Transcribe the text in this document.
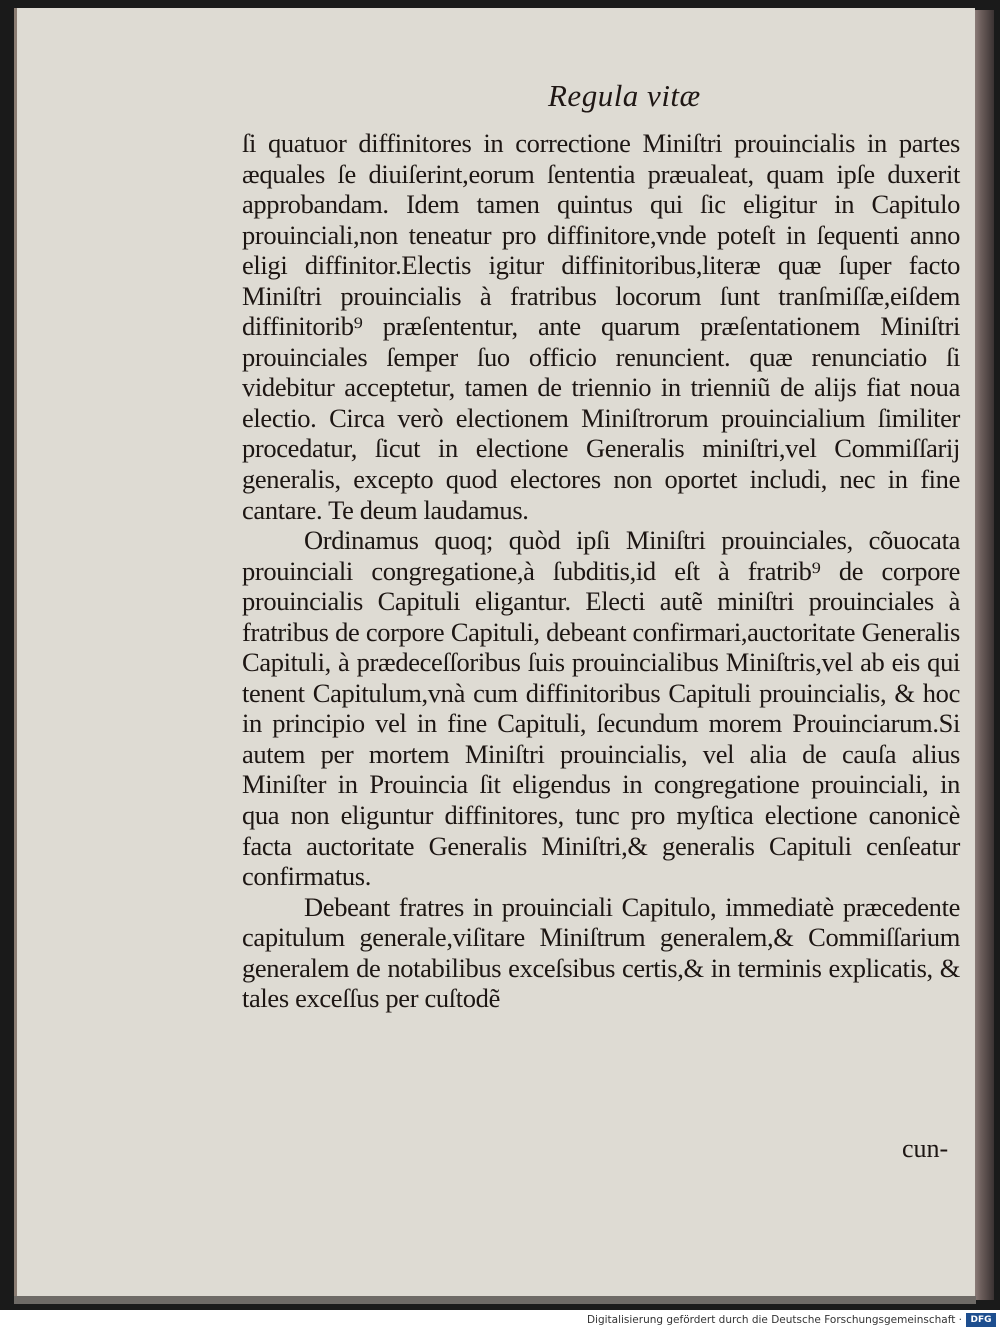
Regula vitæ

ſi quatuor diffinitores in correctione Miniſtri prouincialis in partes æquales ſe diuiſerint,eorum ſententia præualeat, quam ipſe duxerit approbandam. Idem tamen quintus qui ſic eligitur in Capitulo prouinciali,non teneatur pro diffinitore,vnde poteſt in ſequenti anno eligi diffinitor.Electis igitur diffinitoribus,literæ quæ ſuper facto Miniſtri prouincialis à fratribus locorum ſunt tranſmiſſæ,eiſdem diffinitorib⁹ præſententur, ante quarum præſentationem Miniſtri prouinciales ſemper ſuo officio renuncient. quæ renunciatio ſi videbitur acceptetur, tamen de triennio in trienniũ de alijs fiat noua electio. Circa verò electionem Miniſtrorum prouincialium ſimiliter procedatur, ſicut in electione Generalis miniſtri,vel Commiſſarij generalis, excepto quod electores non oportet includi, nec in fine cantare. Te deum laudamus.

Ordinamus quoq; quòd ipſi Miniſtri prouinciales, cõuocata prouinciali congregatione,à ſubditis,id eſt à fratrib⁹ de corpore prouincialis Capituli eligantur. Electi autẽ miniſtri prouinciales à fratribus de corpore Capituli, debeant confirmari,auctoritate Generalis Capituli, à prædeceſſoribus ſuis prouincialibus Miniſtris,vel ab eis qui tenent Capitulum,vnà cum diffinitoribus Capituli prouincialis, & hoc in principio vel in fine Capituli, ſecundum morem Prouinciarum.Si autem per mortem Miniſtri prouincialis, vel alia de cauſa alius Miniſter in Prouincia ſit eligendus in congregatione prouinciali, in qua non eliguntur diffinitores, tunc pro myſtica electione canonicè facta auctoritate Generalis Miniſtri,& generalis Capituli cenſeatur confirmatus.

Debeant fratres in prouinciali Capitulo, immediatè præcedente capitulum generale,viſitare Miniſtrum generalem,& Commiſſarium generalem de notabilibus exceſsibus certis,& in terminis explicatis, & tales exceſſus per cuſtodẽ

cun-
Digitalisierung gefördert durch die Deutsche Forschungsgemeinschaft · DFG
